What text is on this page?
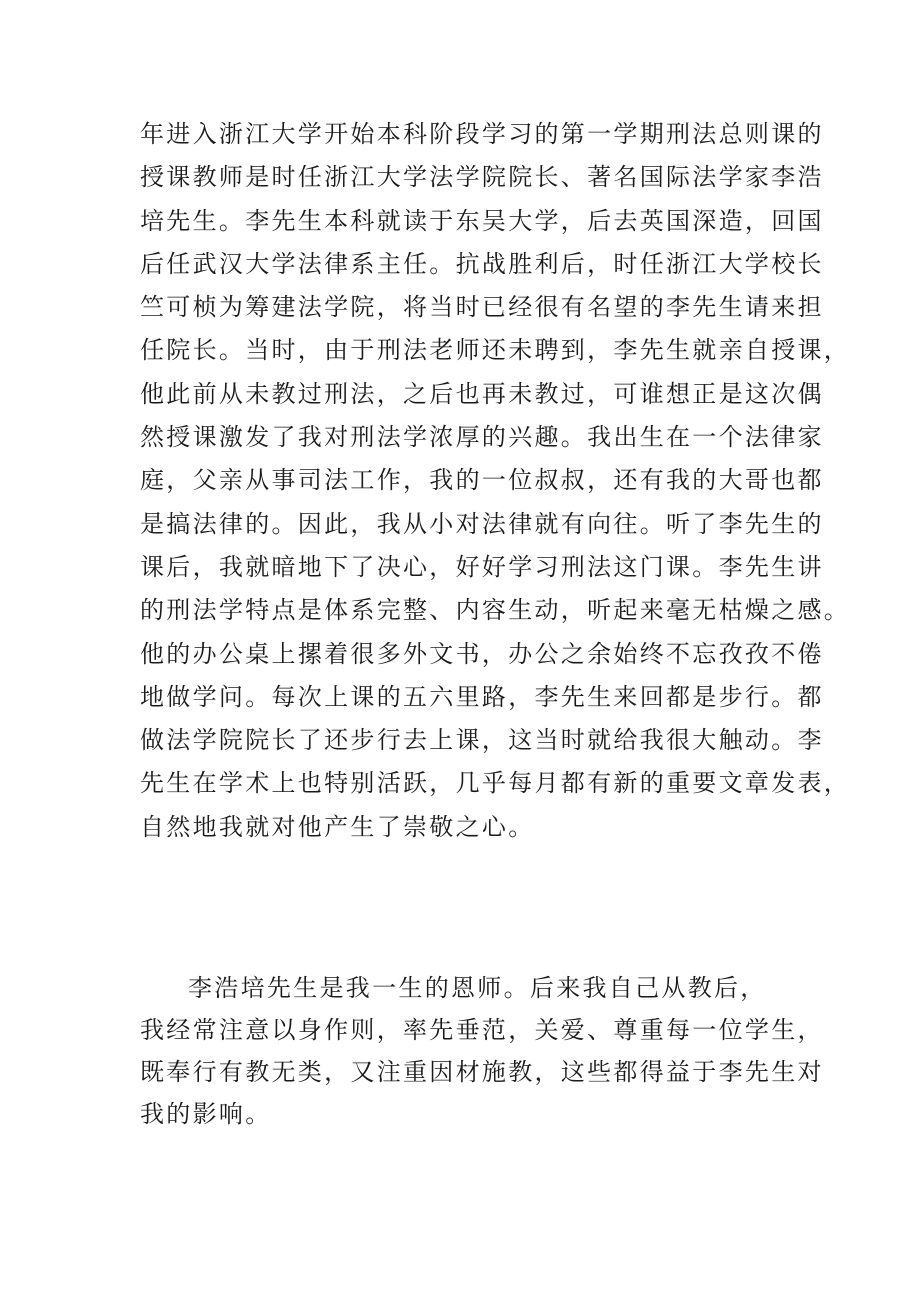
年进入浙江大学开始本科阶段学习的第一学期刑法总则课的
授课教师是时任浙江大学法学院院长、著名国际法学家李浩
培先生。李先生本科就读于东吴大学，后去英国深造，回国
后任武汉大学法律系主任。抗战胜利后，时任浙江大学校长
竺可桢为筹建法学院，将当时已经很有名望的李先生请来担
任院长。当时，由于刑法老师还未聘到，李先生就亲自授课，
他此前从未教过刑法，之后也再未教过，可谁想正是这次偶
然授课激发了我对刑法学浓厚的兴趣。我出生在一个法律家
庭，父亲从事司法工作，我的一位叔叔，还有我的大哥也都
是搞法律的。因此，我从小对法律就有向往。听了李先生的
课后，我就暗地下了决心，好好学习刑法这门课。李先生讲
的刑法学特点是体系完整、内容生动，听起来毫无枯燥之感。
他的办公桌上摞着很多外文书，办公之余始终不忘孜孜不倦
地做学问。每次上课的五六里路，李先生来回都是步行。都
做法学院院长了还步行去上课，这当时就给我很大触动。李
先生在学术上也特别活跃，几乎每月都有新的重要文章发表，
自然地我就对他产生了崇敬之心。
李浩培先生是我一生的恩师。后来我自己从教后，
我经常注意以身作则，率先垂范，关爱、尊重每一位学生，
既奉行有教无类，又注重因材施教，这些都得益于李先生对
我的影响。
